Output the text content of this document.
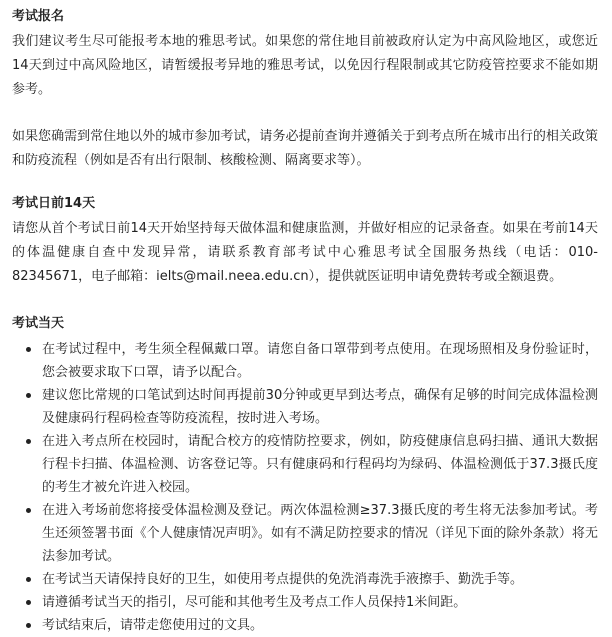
考试报名

我们建议考生尽可能报考本地的雅思考试。如果您的常住地目前被政府认定为中高风险地区，或您近14天到过中高风险地区，请暂缓报考异地的雅思考试，以免因行程限制或其它防疫管控要求不能如期参考。

如果您确需到常住地以外的城市参加考试，请务必提前查询并遵循关于到考点所在城市出行的相关政策和防疫流程（例如是否有出行限制、核酸检测、隔离要求等）。

考试日前14天

请您从首个考试日前14天开始坚持每天做体温和健康监测，并做好相应的记录备查。如果在考前14天的体温健康自查中发现异常，请联系教育部考试中心雅思考试全国服务热线（电话：010-82345671，电子邮箱：ielts@mail.neea.edu.cn），提供就医证明申请免费转考或全额退费。

考试当天
在考试过程中，考生须全程佩戴口罩。请您自备口罩带到考点使用。在现场照相及身份验证时，您会被要求取下口罩，请予以配合。
建议您比常规的口笔试到达时间再提前30分钟或更早到达考点，确保有足够的时间完成体温检测及健康码行程码检查等防疫流程，按时进入考场。
在进入考点所在校园时，请配合校方的疫情防控要求，例如，防疫健康信息码扫描、通讯大数据行程卡扫描、体温检测、访客登记等。只有健康码和行程码均为绿码、体温检测低于37.3摄氏度的考生才被允许进入校园。
在进入考场前您将接受体温检测及登记。两次体温检测≥37.3摄氏度的考生将无法参加考试。考生还须签署书面《个人健康情况声明》。如有不满足防控要求的情况（详见下面的除外条款）将无法参加考试。
在考试当天请保持良好的卫生，如使用考点提供的免洗消毒洗手液擦手、勤洗手等。
请遵循考试当天的指引，尽可能和其他考生及考点工作人员保持1米间距。
考试结束后，请带走您使用过的文具。
